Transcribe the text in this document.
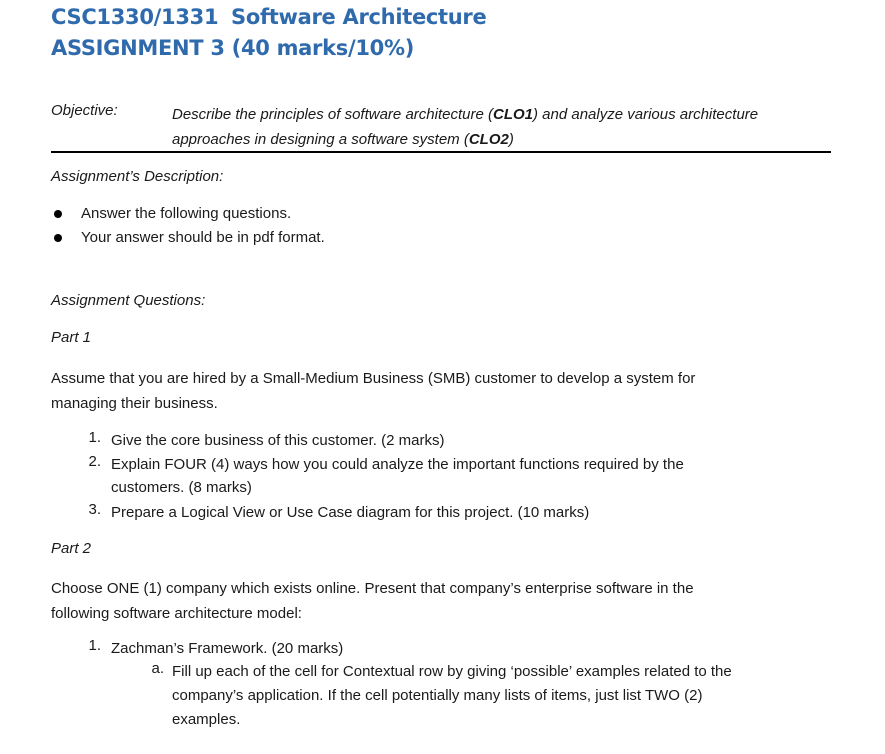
CSC1330/1331 Software Architecture
ASSIGNMENT 3 (40 marks/10%)
Objective:	Describe the principles of software architecture (CLO1) and analyze various architecture
approaches in designing a software system (CLO2)
Assignment’s Description:
Answer the following questions.
Your answer should be in pdf format.
Assignment Questions:
Part 1
Assume that you are hired by a Small-Medium Business (SMB) customer to develop a system for
managing their business.
1. Give the core business of this customer. (2 marks)
2. Explain FOUR (4) ways how you could analyze the important functions required by the
customers. (8 marks)
3. Prepare a Logical View or Use Case diagram for this project. (10 marks)
Part 2
Choose ONE (1) company which exists online. Present that company’s enterprise software in the
following software architecture model:
1. Zachman’s Framework. (20 marks)
a. Fill up each of the cell for Contextual row by giving ‘possible’ examples related to the
company’s application. If the cell potentially many lists of items, just list TWO (2)
examples.
